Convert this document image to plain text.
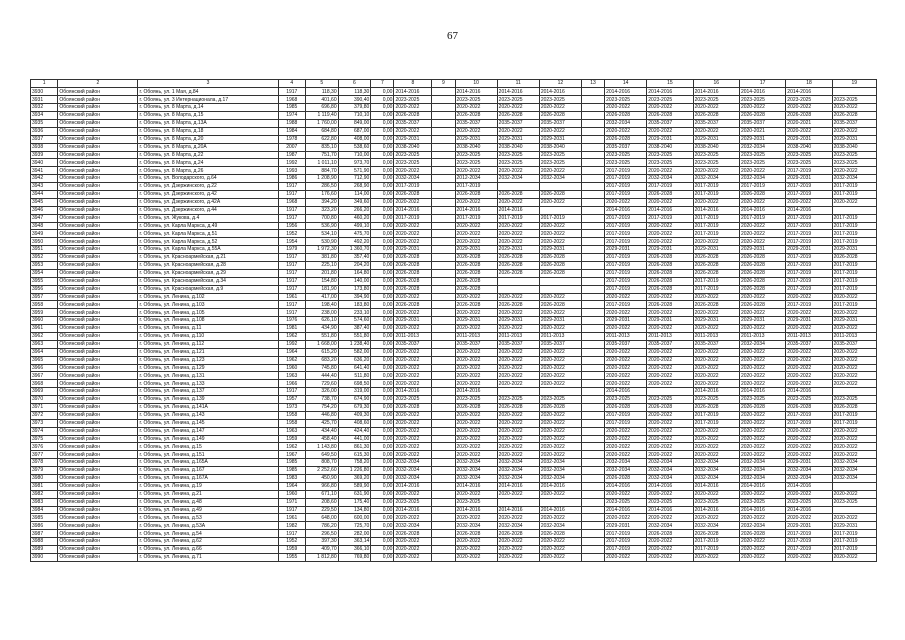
67
1	2	3	4	5	6	7	8	9	10	11	12	13	14	15	16	17	18	19
3930	Обоянский район	г. Обоянь, ул. 1 Мая, д.84	1917	118,30	118,30	0,00	2014-2016		2014-2016	2014-2016	2014-2016		2014-2016	2014-2016	2014-2016	2014-2016	2014-2016	
3931	Обоянский район	г. Обоянь, ул. 3 Интернационала, д.17	1968	401,60	390,40	0,00	2023-2025		2023-2025	2023-2025	2023-2025		2023-2025	2023-2025	2023-2025	2023-2025	2023-2025	2023-2025
3932	Обоянский район	г. Обоянь, ул. 8 Марта, д.14	1985	696,80	379,80	0,00	2020-2022		2020-2022	2020-2022	2020-2022		2020-2022	2020-2022	2020-2022	2020-2022	2020-2022	2020-2022
3934	Обоянский район	г. Обоянь, ул. 8 Марта, д.15	1974	1 119,40	710,10	0,00	2026-2028		2026-2028	2026-2028	2026-2028		2026-2028	2026-2028	2026-2028	2026-2028	2026-2028	2026-2028
3935	Обоянский район	г. Обоянь, ул. 8 Марта, д.13А	1988	1 760,00	849,00	0,00	2035-2037		2035-2037	2035-2037	2035-2037		2032-2034	2035-2037	2035-2037	2035-2037	2020-2021	2035-2037
3936	Обоянский район	г. Обоянь, ул. 8 Марта, д.18	1984	684,80	687,00	0,00	2020-2022		2020-2022	2020-2022	2020-2022		2020-2022	2020-2022	2020-2022	2020-2021	2020-2022	2020-2022
3937	Обоянский район	г. Обоянь, ул. 8 Марта, д.20	1978	622,80	408,00	0,00	2029-2031		2029-2031	2029-2031	2029-2031		2026-2028	2029-2031	2029-2031	2029-2031	2029-2031	2029-2031
3938	Обоянский район	г. Обоянь, ул. 8 Марта, д.20А	2007	835,10	538,60	0,00	2038-2040		2038-2040	2038-2040	2038-2040		2035-2037	2038-2040	2038-2040	2032-2034	2038-2040	2038-2040
3939	Обоянский район	г. Обоянь, ул. 8 Марта, д.22	1987	751,70	710,00	0,00	2023-2025		2023-2025	2023-2025	2023-2025		2023-2025	2023-2025	2023-2025	2023-2025	2023-2025	2023-2025
3940	Обоянский район	г. Обоянь, ул. 8 Марта, д.24	1992	1 011,10	973,70	0,00	2023-2025		2023-2025	2023-2025	2023-2025		2023-2025	2023-2025	2023-2025	2023-2025	2023-2025	2023-2025
3941	Обоянский район	г. Обоянь, ул. 8 Марта, д.26	1993	884,70	571,90	0,00	2020-2022		2020-2022	2020-2022	2020-2022		2017-2019	2020-2022	2020-2022	2020-2022	2017-2019	2020-2022
3942	Обоянский район	г. Обоянь, ул. Володарского, д.64	1986	1 208,90	712,90	0,00	2032-2034		2012-2034	2032-2034	2032-2034		2017-2019	2032-2034	2032-2034	2032-2034	2029-2031	2032-2034
3943	Обоянский район	г. Обоянь, ул. Дзержинского, д.22	1917	286,50	268,90	0,00	2017-2019		2017-2019				2017-2019	2017-2019	2017-2019	2017-2019	2017-2019	2017-2019
3944	Обоянский район	г. Обоянь, ул. Дзержинского, д.42	1917	176,60	114,00	0,00	2026-2028		2026-2028	2026-2028	2026-2028		2017-2019	2026-2028	2017-2019	2026-2028	2017-2019	2017-2019
3945	Обоянский район	г. Обоянь, ул. Дзержинского, д.42А	1968	394,20	349,60	0,00	2020-2022		2020-2022	2020-2022	2020-2022		2020-2022	2020-2022	2020-2022	2020-2022	2020-2022	2020-2022
3946	Обоянский район	г. Обоянь, ул. Дзержинского, д.44	1917	323,20	266,20	0,00	2014-2016		2014-2016	2014-2016			2014-2016	2014-2016	2014-2016	2014-2016	2014-2016	
3947	Обоянский район	г. Обоянь, ул. Жукова, д.4	1917	700,80	460,20	0,00	2017-2019		2017-2019	2017-2019	2017-2019		2017-2019	2017-2019	2017-2019	2017-2019	2017-2019	2017-2019
3948	Обоянский район	г. Обоянь, ул. Карла Маркса, д.49	1956	536,90	499,10	0,00	2020-2022		2020-2022	2020-2022	2020-2022		2017-2019	2020-2022	2017-2019	2020-2022	2017-2019	2017-2019
3949	Обоянский район	г. Обоянь, ул. Карла Маркса, д.51	1952	534,10	475,70	0,00	2020-2022		2020-2022	2020-2022	2020-2022		2017-2019	2020-2022	2017-2019	2020-2022	2017-2019	2017-2019
3950	Обоянский район	г. Обоянь, ул. Карла Маркса, д.52	1954	530,90	492,20	0,00	2020-2022		2020-2022	2020-2022	2020-2022		2017-2019	2020-2022	2020-2022	2020-2022	2017-2019	2017-2019
3951	Обоянский район	г. Обоянь, ул. Карла Маркса, д.55А	1979	1 972,30	1 360,70	0,00	2029-2031		2029-2031	2029-2031	2029-2031		2029-2031	2029-2031	2029-2031	2029-2031	2029-2031	2029-2031
3952	Обоянский район	г. Обоянь, ул. Красноармейская, д.21	1917	381,80	357,40	0,00	2026-2028		2026-2028	2026-2028	2026-2028		2017-2019	2026-2028	2026-2028	2026-2028	2017-2019	2026-2028
3953	Обоянский район	г. Обоянь, ул. Красноармейская, д.28	1917	225,10	204,20	0,00	2026-2028		2026-2028	2026-2028	2026-2028		2017-2019	2026-2028	2026-2028	2026-2028	2017-2019	2017-2019
3954	Обоянский район	г. Обоянь, ул. Красноармейская, д.29	1917	201,80	164,80	0,00	2026-2028		2026-2028	2026-2028	2026-2028		2017-2019	2026-2028	2026-2028	2026-2028	2017-2019	2017-2019
3955	Обоянский район	г. Обоянь, ул. Красноармейская, д.34	1917	154,80	140,00	0,00	2026-2028		2026-2028				2017-2019	2026-2028	2017-2019	2026-2028	2017-2019	2017-2019
3956	Обоянский район	г. Обоянь, ул. Красноармейская, д.9	1917	181,90	173,80	0,00	2026-2028		2026-2028				2017-2019	2026-2028	2017-2019	2026-2028	2017-2019	2017-2019
3957	Обоянский район	г. Обоянь, ул. Ленина, д.102	1961	417,00	394,90	0,00	2020-2022		2020-2022	2020-2022	2020-2022		2020-2022	2020-2022	2020-2022	2020-2022	2020-2022	2020-2022
3958	Обоянский район	г. Обоянь, ул. Ленина, д.103	1917	198,40	183,80	0,00	2026-2028		2026-2028	2026-2028	2026-2028		2017-2019	2026-2028	2026-2028	2026-2028	2017-2019	2017-2019
3959	Обоянский район	г. Обоянь, ул. Ленина, д.105	1917	238,00	233,10	0,00	2020-2022		2020-2022	2020-2022	2020-2022		2020-2022	2020-2022	2020-2022	2020-2022	2020-2022	2020-2022
3960	Обоянский район	г. Обоянь, ул. Ленина, д.108	1976	626,10	574,60	0,00	2029-2031		2029-2031	2029-2031	2029-2031		2029-2031	2029-2031	2029-2031	2029-2031	2029-2031	2029-2031
3961	Обоянский район	г. Обоянь, ул. Ленина, д.11	1981	434,90	387,40	0,00	2020-2022		2020-2022	2020-2022	2020-2022		2020-2022	2020-2022	2020-2022	2020-2022	2020-2022	2020-2022
3962	Обоянский район	г. Обоянь, ул. Ленина, д.110	1962	551,80	551,80	0,00	2011-2013		2011-2013	2011-2013	2011-2013		2011-2013	2011-2013	2011-2013	2011-2013	2011-2013	2011-2013
3963	Обоянский район	г. Обоянь, ул. Ленина, д.112	1992	1 668,00	1 238,40	0,00	2035-2037		2035-2037	2035-2037	2035-2037		2035-2037	2035-2037	2035-2037	2032-2034	2035-2037	2035-2037
3964	Обоянский район	г. Обоянь, ул. Ленина, д.121	1964	615,20	582,00	0,00	2020-2022		2020-2022	2020-2022	2020-2022		2020-2022	2020-2022	2020-2022	2020-2022	2020-2022	2020-2022
3965	Обоянский район	г. Обоянь, ул. Ленина, д.123	1962	683,20	636,20	0,00	2020-2022		2020-2022	2020-2022	2020-2022		2020-2022	2020-2022	2020-2022	2020-2022	2020-2022	2020-2022
3966	Обоянский район	г. Обоянь, ул. Ленина, д.129	1960	745,80	641,40	0,00	2020-2022		2020-2022	2020-2022	2020-2022		2020-2022	2020-2022	2020-2022	2020-2022	2020-2022	2020-2022
3967	Обоянский район	г. Обоянь, ул. Ленина, д.131	1963	444,40	511,80	0,00	2020-2022		2020-2022	2020-2022	2020-2022		2020-2022	2020-2022	2020-2022	2020-2022	2020-2022	2020-2022
3968	Обоянский район	г. Обоянь, ул. Ленина, д.133	1966	729,60	698,50	0,00	2020-2022		2020-2022	2020-2022	2020-2022		2020-2022	2020-2022	2020-2022	2020-2022	2020-2022	2020-2022
3969	Обоянский район	г. Обоянь, ул. Ленина, д.137	1917	326,00	319,00	0,00	2014-2016		2014-2016				2014-2016		2014-2016	2014-2016	2014-2016	
3970	Обоянский район	г. Обоянь, ул. Ленина, д.139	1957	738,70	674,90	0,00	2023-2025		2023-2025	2023-2025	2023-2025		2023-2025	2023-2025	2023-2025	2023-2025	2023-2025	2023-2025
3971	Обоянский район	г. Обоянь, ул. Ленина, д.141А	1973	754,20	679,30	0,00	2026-2028		2026-2028	2026-2028	2026-2028		2026-2028	2026-2028	2026-2028	2026-2028	2026-2028	2026-2028
3972	Обоянский район	г. Обоянь, ул. Ленина, д.143	1958	446,80	409,30	0,00	2020-2022		2020-2022	2020-2022	2020-2022		2017-2019	2020-2022	2017-2019	2020-2022	2017-2019	2017-2019
3973	Обоянский район	г. Обоянь, ул. Ленина, д.145	1958	425,70	408,60	0,00	2020-2022		2020-2022	2020-2022	2020-2022		2017-2019	2020-2022	2017-2019	2020-2022	2017-2019	2017-2019
3974	Обоянский район	г. Обоянь, ул. Ленина, д.147	1963	434,40	424,40	0,00	2020-2022		2020-2022	2020-2022	2020-2022		2020-2022	2020-2022	2020-2022	2020-2022	2020-2022	2020-2022
3975	Обоянский район	г. Обоянь, ул. Ленина, д.149	1959	458,40	441,00	0,00	2020-2022		2020-2022	2020-2022	2020-2022		2020-2022	2020-2022	2020-2022	2020-2022	2020-2022	2020-2022
3976	Обоянский район	г. Обоянь, ул. Ленина, д.15	1962	1 143,80	861,30	0,00	2020-2022		2020-2022	2020-2022	2020-2022		2020-2022	2020-2022	2020-2022	2020-2022	2020-2022	2020-2022
3977	Обоянский район	г. Обоянь, ул. Ленина, д.151	1967	649,50	615,30	0,00	2020-2022		2020-2022	2020-2022	2020-2022		2020-2022	2020-2022	2020-2022	2020-2022	2020-2022	2020-2022
3978	Обоянский район	г. Обоянь, ул. Ленина, д.165А	1985	808,70	758,20	0,00	2032-2034		2032-2034	2032-2034	2032-2034		2032-2034	2032-2034	2032-2034	2032-2034	2029-2031	2032-2034
3979	Обоянский район	г. Обоянь, ул. Ленина, д.167	1985	2 252,60	1 226,80	0,00	2032-2034		2032-2034	2032-2034	2032-2034		2032-2034	2032-2034	2032-2034	2032-2034	2032-2034	2032-2034
3980	Обоянский район	г. Обоянь, ул. Ленина, д.167А	1983	450,90	369,20	0,00	2032-2034		2032-2034	2032-2034	2032-2034		2026-2028	2032-2034	2032-2034	2032-2034	2032-2034	2032-2034
3981	Обоянский район	г. Обоянь, ул. Ленина, д.19	1964	966,80	589,90	0,00	2014-2016		2014-2016	2014-2016	2014-2016		2014-2016	2014-2016	2014-2016	2014-2016	2014-2016	
3982	Обоянский район	г. Обоянь, ул. Ленина, д.21	1960	671,10	631,90	0,00	2020-2022		2020-2022	2020-2022	2020-2022		2020-2022	2020-2022	2020-2022	2020-2022	2020-2022	2020-2022
3983	Обоянский район	г. Обоянь, ул. Ленина, д.48	1971	208,60	175,40	0,00	2023-2025		2023-2025				2023-2025	2023-2025	2023-2025	2023-2025	2023-2025	2023-2025
3984	Обоянский район	г. Обоянь, ул. Ленина, д.49	1917	229,50	134,80	0,00	2014-2016		2014-2016	2014-2016	2014-2016		2014-2016	2014-2016	2014-2016	2014-2016	2014-2016	
3985	Обоянский район	г. Обоянь, ул. Ленина, д.53	1961	648,00	600,00	0,00	2020-2022		2020-2022	2020-2022	2020-2022		2020-2022	2020-2022	2020-2022	2020-2022	2020-2022	2020-2022
3986	Обоянский район	г. Обоянь, ул. Ленина, д.53А	1982	786,20	725,70	0,00	2032-2034		2032-2034	2032-2034	2032-2034		2029-2031	2032-2034	2032-2034	2032-2034	2029-2031	2029-2031
3987	Обоянский район	г. Обоянь, ул. Ленина, д.54	1917	296,50	282,00	0,00	2026-2028		2026-2028	2026-2028	2026-2028		2017-2019	2026-2028	2026-2028	2026-2028	2017-2019	2017-2019
3988	Обоянский район	г. Обоянь, ул. Ленина, д.62	1952	397,30	363,14	0,00	2020-2022		2020-2022	2020-2022	2020-2022		2017-2019	2020-2022	2017-2019	2020-2022	2017-2019	2017-2019
3989	Обоянский район	г. Обоянь, ул. Ленина, д.66	1959	409,70	366,10	0,00	2020-2022		2020-2022	2020-2022	2020-2022		2017-2019	2020-2022	2017-2019	2020-2022	2017-2019	2017-2019
3990	Обоянский район	г. Обоянь, ул. Ленина, д.71	1955	1 812,80	769,80	0,00	2020-2022		2020-2022	2020-2022	2020-2022		2020-2022	2020-2022	2020-2022	2020-2022	2020-2022	2020-2022
